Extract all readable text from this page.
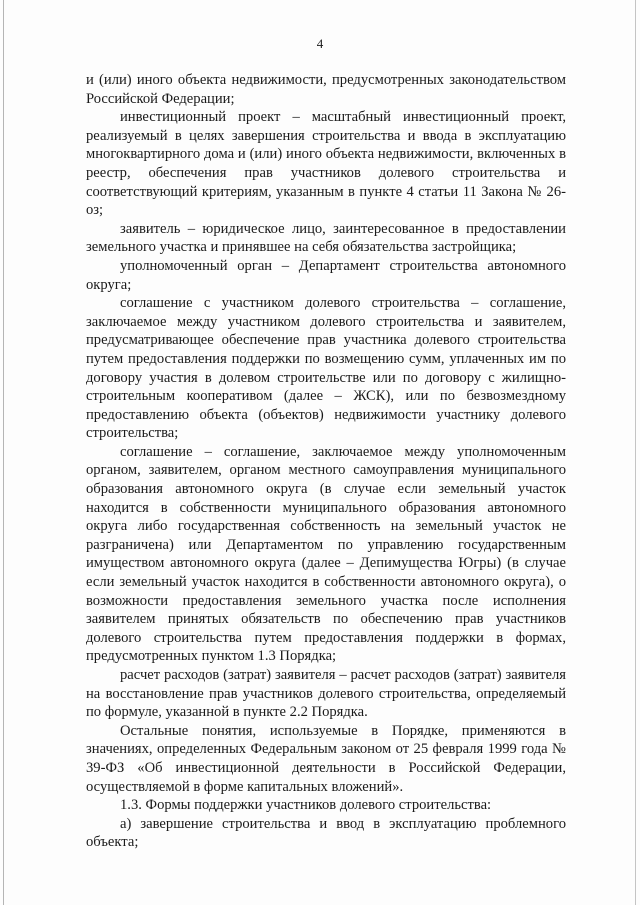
4

и (или) иного объекта недвижимости, предусмотренных законодательством Российской Федерации;

инвестиционный проект – масштабный инвестиционный проект, реализуемый в целях завершения строительства и ввода в эксплуатацию многоквартирного дома и (или) иного объекта недвижимости, включенных в реестр, обеспечения прав участников долевого строительства и соответствующий критериям, указанным в пункте 4 статьи 11 Закона № 26-оз;

заявитель – юридическое лицо, заинтересованное в предоставлении земельного участка и принявшее на себя обязательства застройщика;

уполномоченный орган – Департамент строительства автономного округа;

соглашение с участником долевого строительства – соглашение, заключаемое между участником долевого строительства и заявителем, предусматривающее обеспечение прав участника долевого строительства путем предоставления поддержки по возмещению сумм, уплаченных им по договору участия в долевом строительстве или по договору с жилищно-строительным кооперативом (далее – ЖСК), или по безвозмездному предоставлению объекта (объектов) недвижимости участнику долевого строительства;

соглашение – соглашение, заключаемое между уполномоченным органом, заявителем, органом местного самоуправления муниципального образования автономного округа (в случае если земельный участок находится в собственности муниципального образования автономного округа либо государственная собственность на земельный участок не разграничена) или Департаментом по управлению государственным имуществом автономного округа (далее – Депимущества Югры) (в случае если земельный участок находится в собственности автономного округа), о возможности предоставления земельного участка после исполнения заявителем принятых обязательств по обеспечению прав участников долевого строительства путем предоставления поддержки в формах, предусмотренных пунктом 1.3 Порядка;

расчет расходов (затрат) заявителя – расчет расходов (затрат) заявителя на восстановление прав участников долевого строительства, определяемый по формуле, указанной в пункте 2.2 Порядка.

Остальные понятия, используемые в Порядке, применяются в значениях, определенных Федеральным законом от 25 февраля 1999 года № 39-ФЗ «Об инвестиционной деятельности в Российской Федерации, осуществляемой в форме капитальных вложений».

1.3. Формы поддержки участников долевого строительства:

а) завершение строительства и ввод в эксплуатацию проблемного объекта;
